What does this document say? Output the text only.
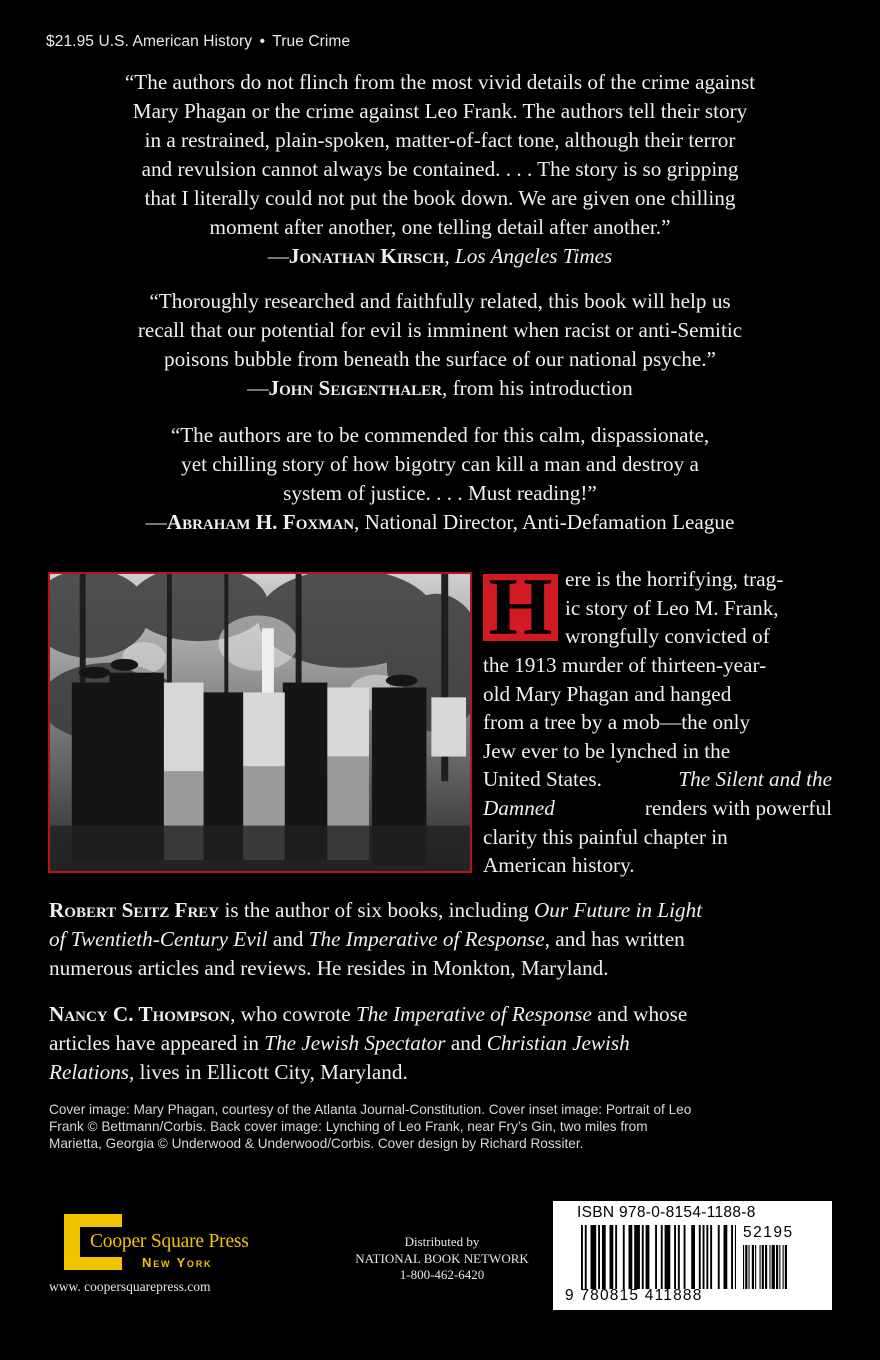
$21.95 U.S. American History • True Crime
“The authors do not flinch from the most vivid details of the crime against
Mary Phagan or the crime against Leo Frank. The authors tell their story
in a restrained, plain-spoken, matter-of-fact tone, although their terror
and revulsion cannot always be contained. . . . The story is so gripping
that I literally could not put the book down. We are given one chilling
moment after another, one telling detail after another.”
—Jonathan Kirsch, Los Angeles Times
“Thoroughly researched and faithfully related, this book will help us
recall that our potential for evil is imminent when racist or anti-Semitic
poisons bubble from beneath the surface of our national psyche.”
—John Seigenthaler, from his introduction
“The authors are to be commended for this calm, dispassionate,
yet chilling story of how bigotry can kill a man and destroy a
system of justice. . . . Must reading!”
—Abraham H. Foxman, National Director, Anti-Defamation League
H ere is the horrifying, trag-
ic story of Leo M. Frank,
wrongfully convicted of
the 1913 murder of thirteen-year-
old Mary Phagan and hanged
from a tree by a mob—the only
Jew ever to be lynched in the
United States.
	The Silent and the
Damned
	renders with powerful
clarity this painful chapter in
American history.
Robert Seitz Frey is the author of six books, including Our Future in Light
of Twentieth-Century Evil and The Imperative of Response, and has written
numerous articles and reviews. He resides in Monkton, Maryland.
Nancy C. Thompson, who cowrote The Imperative of Response and whose
articles have appeared in The Jewish Spectator and Christian Jewish
Relations, lives in Ellicott City, Maryland.
Cover image: Mary Phagan, courtesy of the Atlanta Journal-Constitution. Cover inset image: Portrait of Leo
Frank © Bettmann/Corbis. Back cover image: Lynching of Leo Frank, near Fry’s Gin, two miles from
Marietta, Georgia © Underwood & Underwood/Corbis. Cover design by Richard Rossiter.
Cooper Square Press
New York
www. coopersquarepress.com
Distributed by
NATIONAL BOOK NETWORK
1-800-462-6420
ISBN 978-0-8154-1188-8
52195
9 780815 411888
